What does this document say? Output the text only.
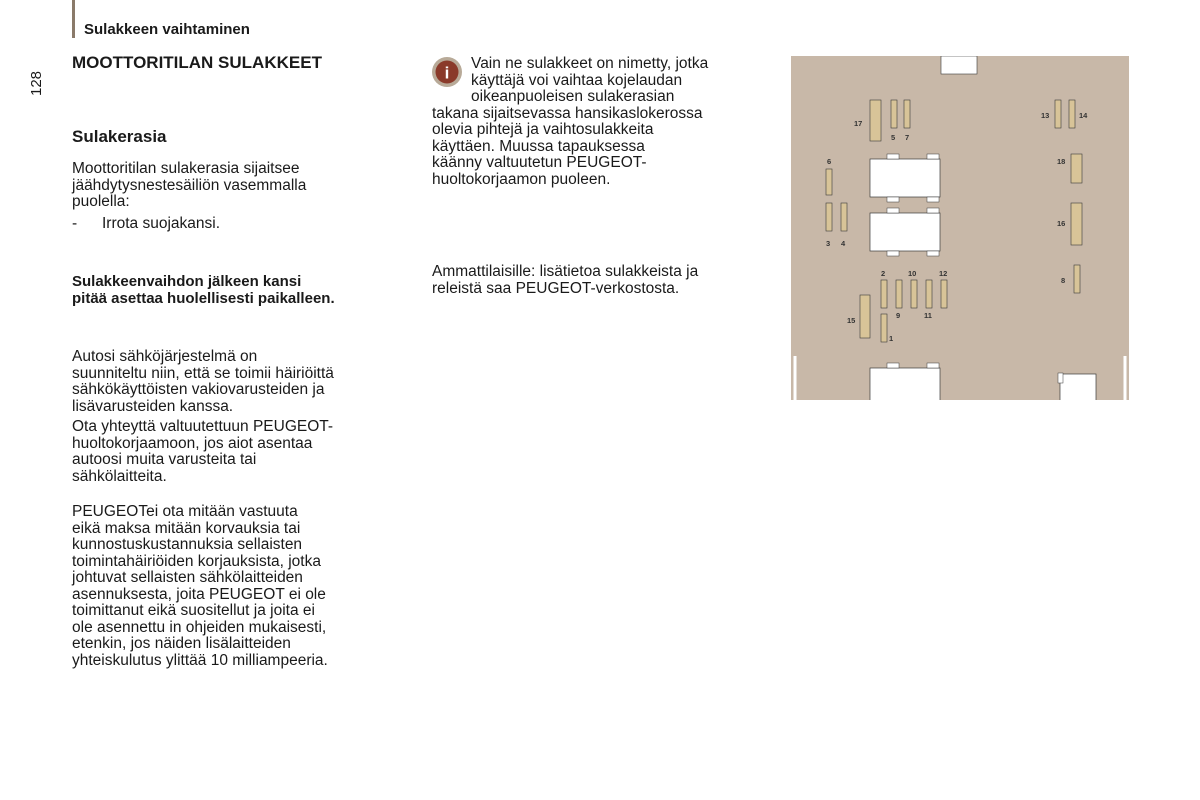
Sulakkeen vaihtaminen
128

MOOTTORITILAN SULAKKEET

Sulakerasia

Moottoritilan sulakerasia sijaitsee

jäähdytysnestesäiliön vasemmalla

puolella:

-	Irrota suojakansi.

Sulakkeenvaihdon jälkeen kansi

pitää asettaa huolellisesti paikalleen.

Autosi sähköjärjestelmä on

suunniteltu niin, että se toimii häiriöittä

sähkökäyttöisten vakiovarusteiden ja

lisävarusteiden kanssa.

Ota yhteyttä valtuutettuun PEUGEOT-

huoltokorjaamoon, jos aiot asentaa

autoosi muita varusteita tai

sähkölaitteita.

PEUGEOTei ota mitään vastuuta

eikä maksa mitään korvauksia tai

kunnostuskustannuksia sellaisten

toimintahäiriöiden korjauksista, jotka

johtuvat sellaisten sähkölaitteiden

asennuksesta, joita PEUGEOT ei ole

toimittanut eikä suositellut ja joita ei

ole asennettu in ohjeiden mukaisesti,

etenkin, jos näiden lisälaitteiden

yhteiskulutus ylittää 10 milliampeeria.

i Vain ne sulakkeet on nimetty, jotka

käyttäjä voi vaihtaa kojelaudan

oikeanpuoleisen sulakerasian

takana sijaitsevassa hansikaslokerossa

olevia pihtejä ja vaihtosulakkeita

käyttäen. Muussa tapauksessa

käänny valtuutetun PEUGEOT-

huoltokorjaamon puoleen.

Ammattilaisille: lisätietoa sulakkeista ja

releistä saa PEUGEOT-verkostosta.

17
5 7
13	14
6	18
3 4
16
2	10	12
8
9	11
15
1
